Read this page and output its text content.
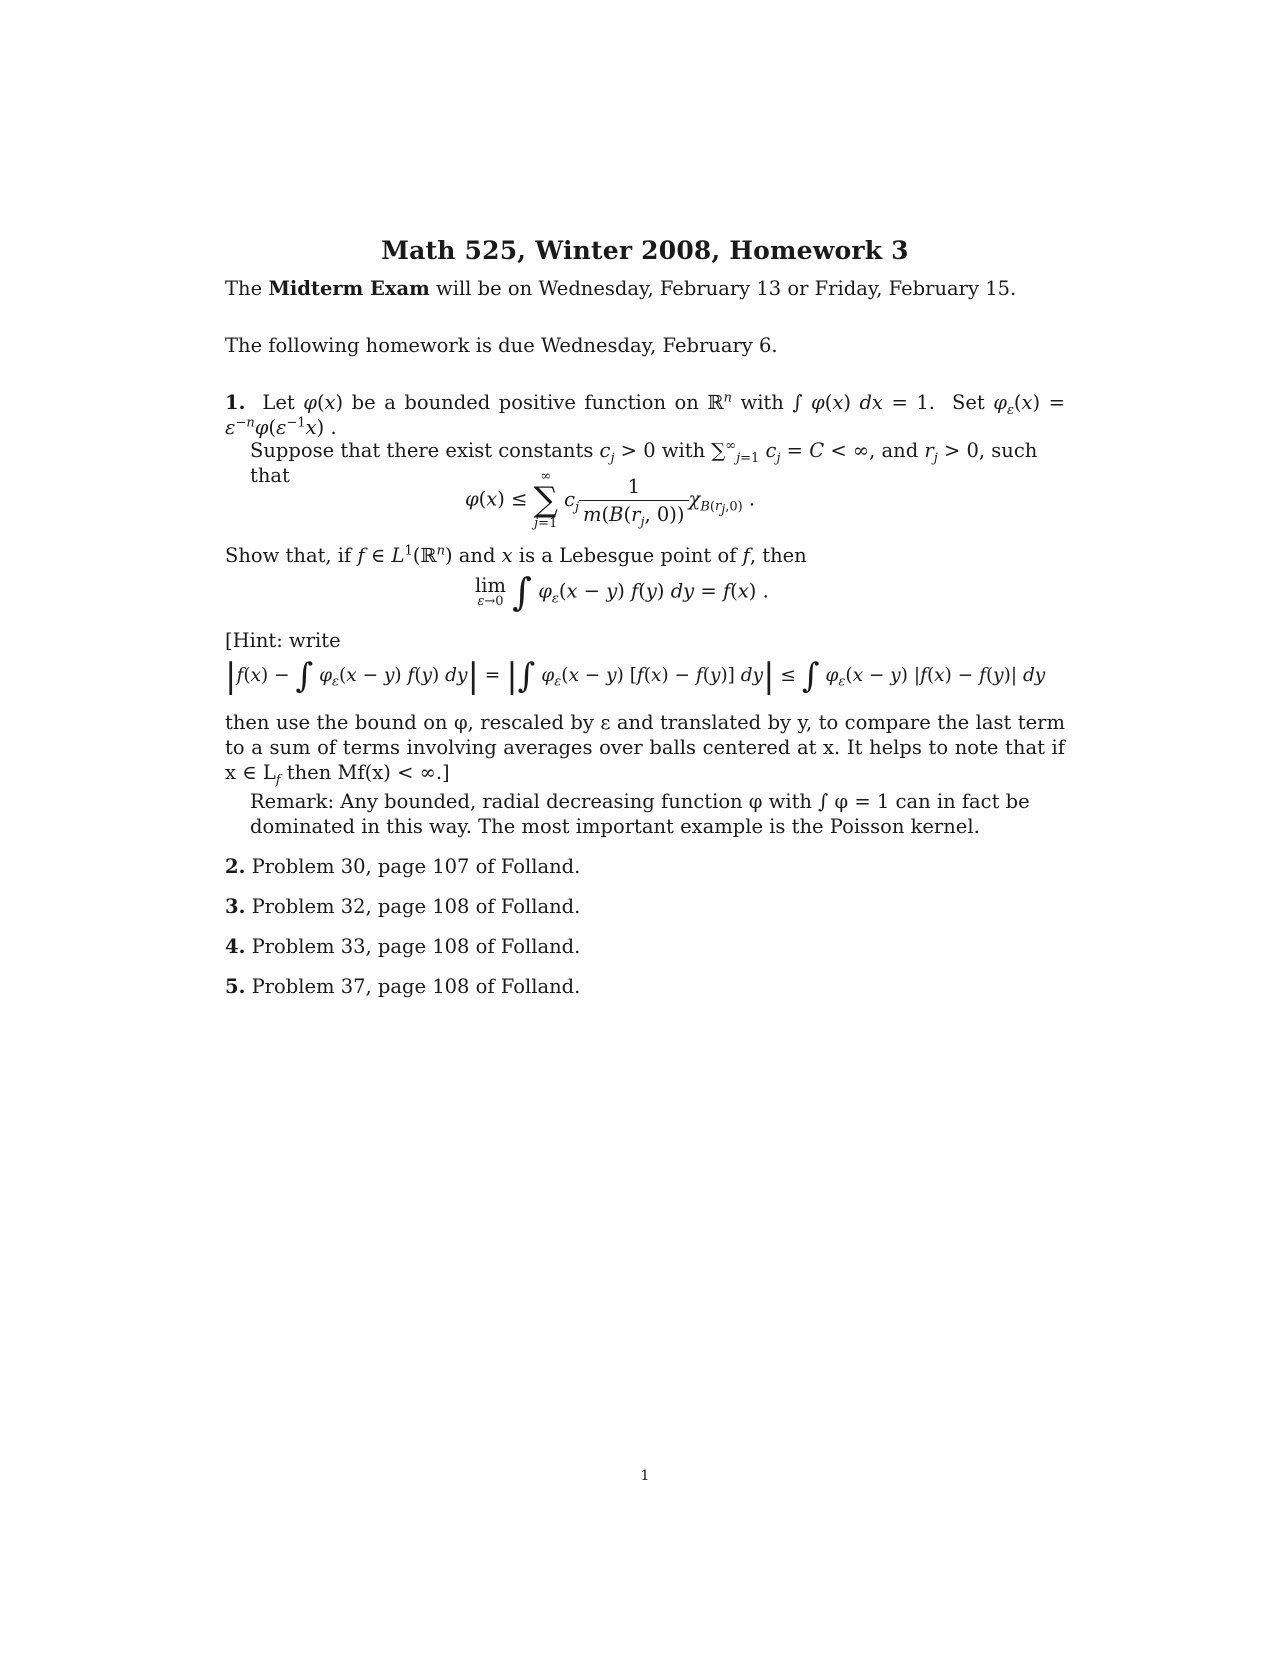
Math 525, Winter 2008, Homework 3
The Midterm Exam will be on Wednesday, February 13 or Friday, February 15.
The following homework is due Wednesday, February 6.
1.  Let φ(x) be a bounded positive function on ℝ$^n$ with ∫ φ(x) dx = 1.  Set $\varphi_\varepsilon(x) = \varepsilon^{-n}\varphi(\varepsilon^{-1}x)$ .
Suppose that there exist constants $c_j > 0$ with $\sum^\infty_{j=1}$ $c_j = C$ < ∞, and $r_j > 0$, such that
φ(x) ≤
∞
∑
j=1
$c_j \frac{1}{m(B(r_j, 0))} \chi_{B(r_j,0)}$ .
Show that, if f ∈ $L^1(ℝ^n)$ and x is a Lebesgue point of f, then
lim
ε→0 ∫ $\varphi_\varepsilon(x - y)$ f(y) dy = f(x) .
[Hint: write
|f(x) − ∫ $\varphi_\varepsilon(x - y)$ f(y) dy| = |∫ $\varphi_\varepsilon(x - y) [f(x) - f(y)] dy|$ ≤ ∫ $\varphi_\varepsilon(x - y) |f(x) - f(y)|$ dy
then use the bound on φ, rescaled by ε and translated by y, to compare the last term to a sum of terms involving averages over balls centered at x. It helps to note that if x ∈ $L_f$ then Mf(x) < ∞.]
Remark: Any bounded, radial decreasing function φ with ∫ φ = 1 can in fact be dominated in this way. The most important example is the Poisson kernel.
2. Problem 30, page 107 of Folland.
3. Problem 32, page 108 of Folland.
4. Problem 33, page 108 of Folland.
5. Problem 37, page 108 of Folland.
1
